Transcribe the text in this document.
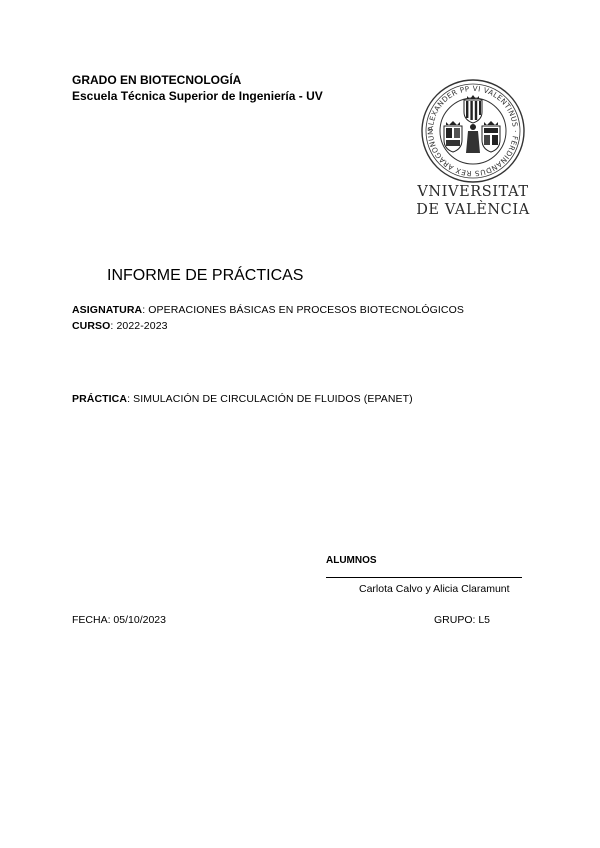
GRADO EN BIOTECNOLOGÍA
Escuela Técnica Superior de Ingeniería - UV
ALEXANDER PP VI VALENTINUS · FERDINANDUS REX ARAGONUM
VNIVERSITAT
DE VALÈNCIA
INFORME DE PRÁCTICAS
ASIGNATURA: OPERACIONES BÁSICAS EN PROCESOS BIOTECNOLÓGICOS
CURSO: 2022-2023
PRÁCTICA: SIMULACIÓN DE CIRCULACIÓN DE FLUIDOS (EPANET)
ALUMNOS
Carlota Calvo y Alicia Claramunt
FECHA: 05/10/2023	GRUPO: L5
